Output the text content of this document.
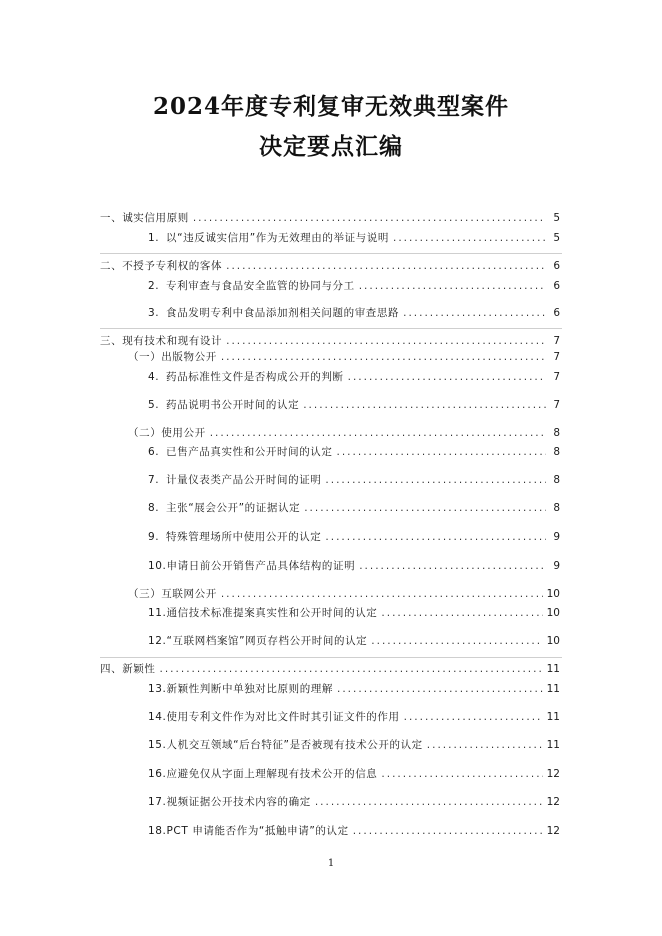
2024年度专利复审无效典型案件
决定要点汇编
一、诚实信用原则 .....	5
1. 以“违反诚实信用”作为无效理由的举证与说明 .....	5
二、不授予专利权的客体 .....	6
2. 专利审查与食品安全监管的协同与分工 .....	6
3. 食品发明专利中食品添加剂相关问题的审查思路 .....	6
三、现有技术和现有设计 .....	7
（一）出版物公开 .....	7
4. 药品标准性文件是否构成公开的判断 .....	7
5. 药品说明书公开时间的认定 .....	7
（二）使用公开 .....	8
6. 已售产品真实性和公开时间的认定 .....	8
7. 计量仪表类产品公开时间的证明 .....	8
8. 主张“展会公开”的证据认定 .....	8
9. 特殊管理场所中使用公开的认定 .....	9
10.申请日前公开销售产品具体结构的证明 .....	9
（三）互联网公开 .....	10
11.通信技术标准提案真实性和公开时间的认定 .....	10
12.“互联网档案馆”网页存档公开时间的认定 .....	10
四、新颖性 .....	11
13.新颖性判断中单独对比原则的理解 .....	11
14.使用专利文件作为对比文件时其引证文件的作用 .....	11
15.人机交互领域“后台特征”是否被现有技术公开的认定 .....	11
16.应避免仅从字面上理解现有技术公开的信息 .....	12
17.视频证据公开技术内容的确定 .....	12
18.PCT 申请能否作为“抵触申请”的认定 .....	12
1
